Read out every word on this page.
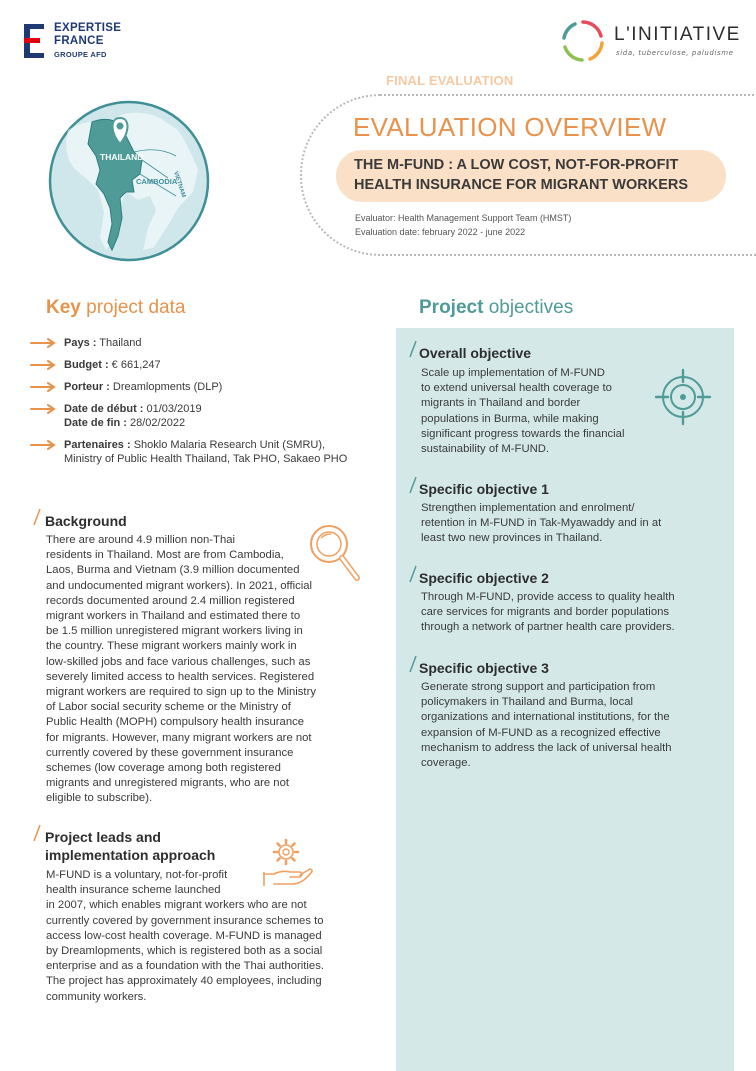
EXPERTISE
FRANCE
GROUPE AFD
L'INITIATIVE
sida, tuberculose, paludisme
FINAL EVALUATION
THAILAND
CAMBODIA
VIETNAM
EVALUATION OVERVIEW
THE M-FUND : A LOW COST, NOT-FOR-PROFIT
HEALTH INSURANCE FOR MIGRANT WORKERS
Evaluator: Health Management Support Team (HMST)
Evaluation date: february 2022 - june 2022
Key project data
Pays : Thailand
Budget : € 661,247
Porteur : Dreamlopments (DLP)
Date de début : 01/03/2019
Date de fin : 28/02/2022
Partenaires : Shoklo Malaria Research Unit (SMRU),
Ministry of Public Health Thailand, Tak PHO, Sakaeo PHO
Background
There are around 4.9 million non-Thai
residents in Thailand. Most are from Cambodia,
Laos, Burma and Vietnam (3.9 million documented
and undocumented migrant workers). In 2021, official
records documented around 2.4 million registered
migrant workers in Thailand and estimated there to
be 1.5 million unregistered migrant workers living in
the country. These migrant workers mainly work in
low-skilled jobs and face various challenges, such as
severely limited access to health services. Registered
migrant workers are required to sign up to the Ministry
of Labor social security scheme or the Ministry of
Public Health (MOPH) compulsory health insurance
for migrants. However, many migrant workers are not
currently covered by these government insurance
schemes (low coverage among both registered
migrants and unregistered migrants, who are not
eligible to subscribe).
Project leads and
implementation approach
M-FUND is a voluntary, not-for-profit
health insurance scheme launched
in 2007, which enables migrant workers who are not
currently covered by government insurance schemes to
access low-cost health coverage. M-FUND is managed
by Dreamlopments, which is registered both as a social
enterprise and as a foundation with the Thai authorities.
The project has approximately 40 employees, including
community workers.
Project objectives
Overall objective
Scale up implementation of M-FUND
to extend universal health coverage to
migrants in Thailand and border
populations in Burma, while making
significant progress towards the financial
sustainability of M-FUND.
Specific objective 1
Strengthen implementation and enrolment/
retention in M-FUND in Tak-Myawaddy and in at
least two new provinces in Thailand.
Specific objective 2
Through M-FUND, provide access to quality health
care services for migrants and border populations
through a network of partner health care providers.
Specific objective 3
Generate strong support and participation from
policymakers in Thailand and Burma, local
organizations and international institutions, for the
expansion of M-FUND as a recognized effective
mechanism to address the lack of universal health
coverage.
